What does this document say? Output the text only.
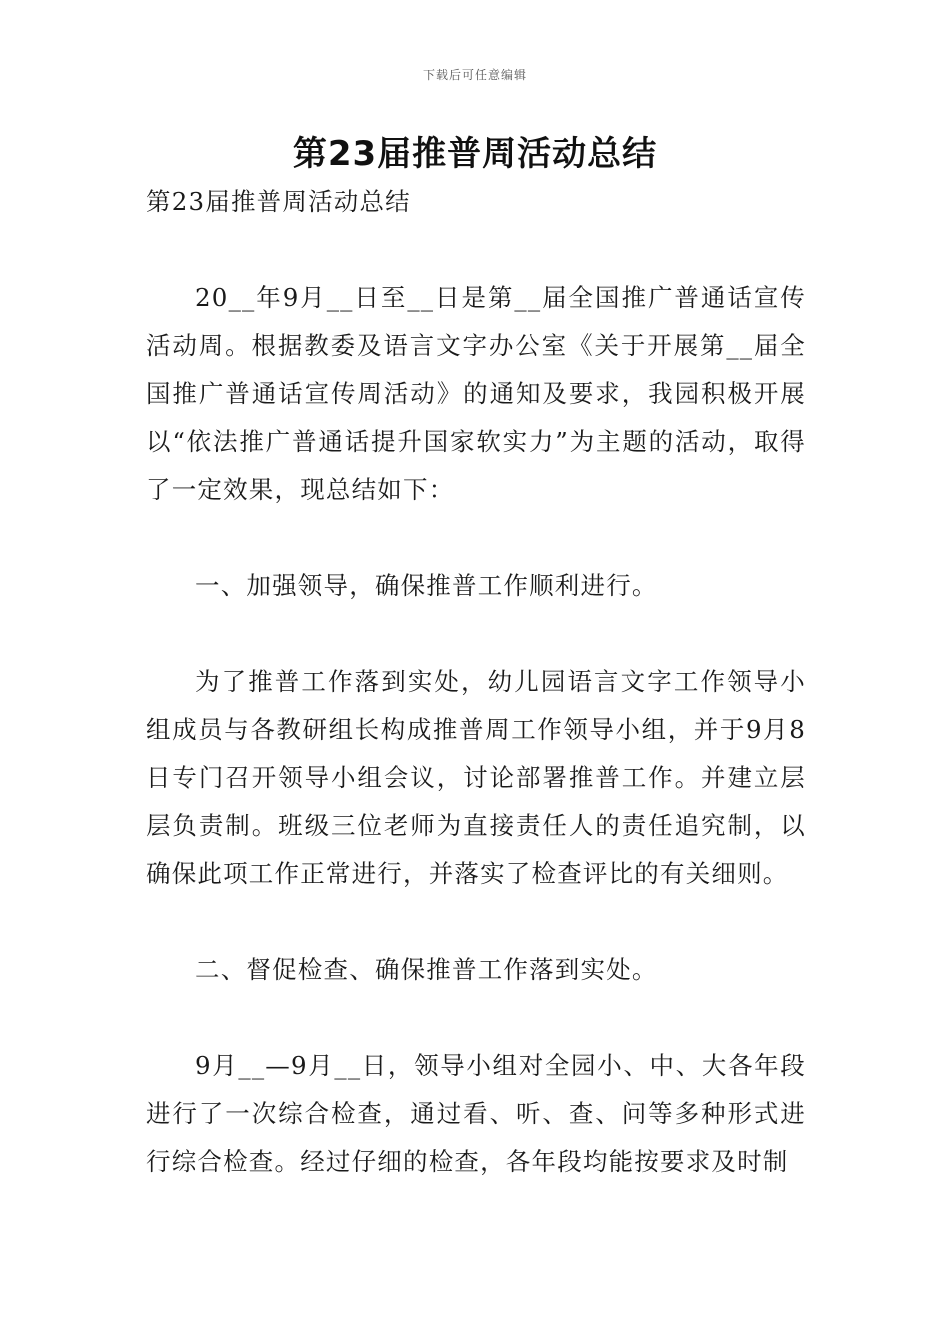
下载后可任意编辑
第23届推普周活动总结

第23届推普周活动总结

20__年9月__日至__日是第__届全国推广普通话宣传活动周。根据教委及语言文字办公室《关于开展第__届全国推广普通话宣传周活动》的通知及要求，我园积极开展以“依法推广普通话提升国家软实力”为主题的活动，取得了一定效果，现总结如下：

一、加强领导，确保推普工作顺利进行。

为了推普工作落到实处，幼儿园语言文字工作领导小组成员与各教研组长构成推普周工作领导小组，并于9月8日专门召开领导小组会议，讨论部署推普工作。并建立层层负责制。班级三位老师为直接责任人的责任追究制，以确保此项工作正常进行，并落实了检查评比的有关细则。

二、督促检查、确保推普工作落到实处。

9月__—9月__日，领导小组对全园小、中、大各年段进行了一次综合检查，通过看、听、查、问等多种形式进行综合检查。经过仔细的检查，各年段均能按要求及时制
